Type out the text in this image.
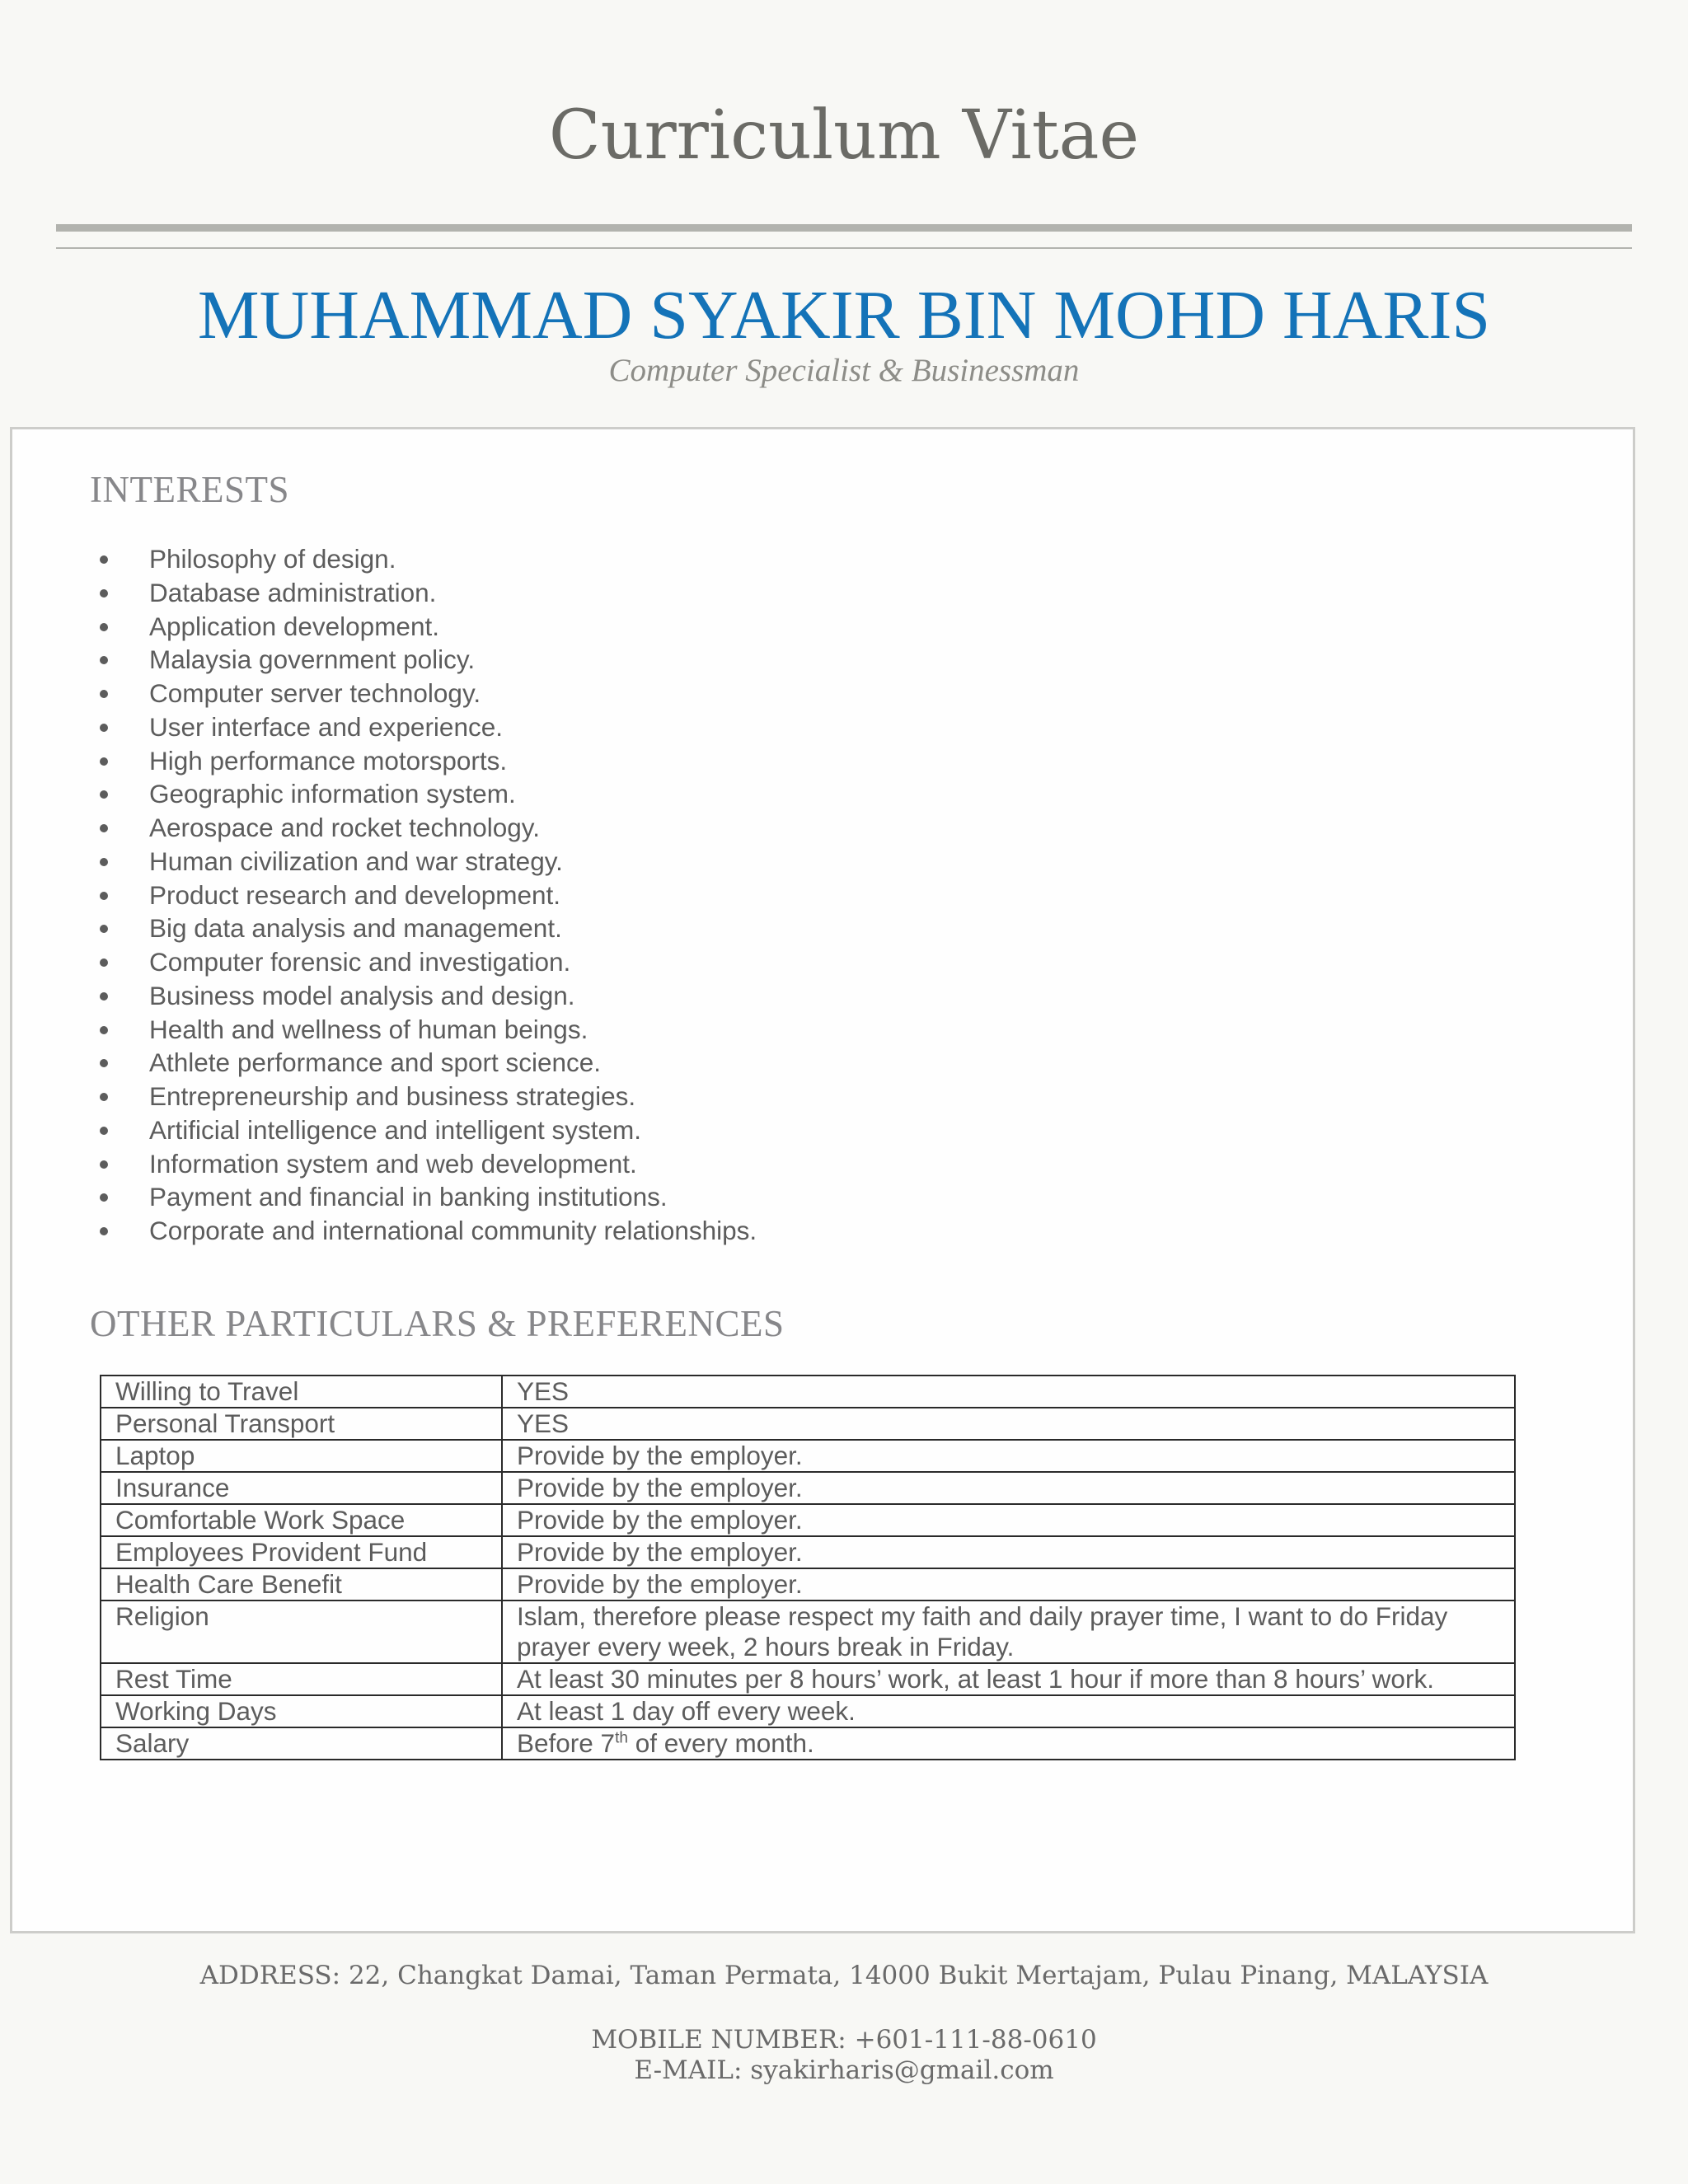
Curriculum Vitae
MUHAMMAD SYAKIR BIN MOHD HARIS
Computer Specialist & Businessman
INTERESTS
Philosophy of design.
Database administration.
Application development.
Malaysia government policy.
Computer server technology.
User interface and experience.
High performance motorsports.
Geographic information system.
Aerospace and rocket technology.
Human civilization and war strategy.
Product research and development.
Big data analysis and management.
Computer forensic and investigation.
Business model analysis and design.
Health and wellness of human beings.
Athlete performance and sport science.
Entrepreneurship and business strategies.
Artificial intelligence and intelligent system.
Information system and web development.
Payment and financial in banking institutions.
Corporate and international community relationships.
OTHER PARTICULARS & PREFERENCES
Willing to Travel	YES
Personal Transport	YES
Laptop	Provide by the employer.
Insurance	Provide by the employer.
Comfortable Work Space	Provide by the employer.
Employees Provident Fund	Provide by the employer.
Health Care Benefit	Provide by the employer.
Religion	Islam, therefore please respect my faith and daily prayer time, I want to do Friday prayer every week, 2 hours break in Friday.
Rest Time	At least 30 minutes per 8 hours’ work, at least 1 hour if more than 8 hours’ work.
Working Days	At least 1 day off every week.
Salary	Before 7th of every month.
ADDRESS: 22, Changkat Damai, Taman Permata, 14000 Bukit Mertajam, Pulau Pinang, MALAYSIA
MOBILE NUMBER: +601-111-88-0610
E-MAIL: syakirharis@gmail.com
